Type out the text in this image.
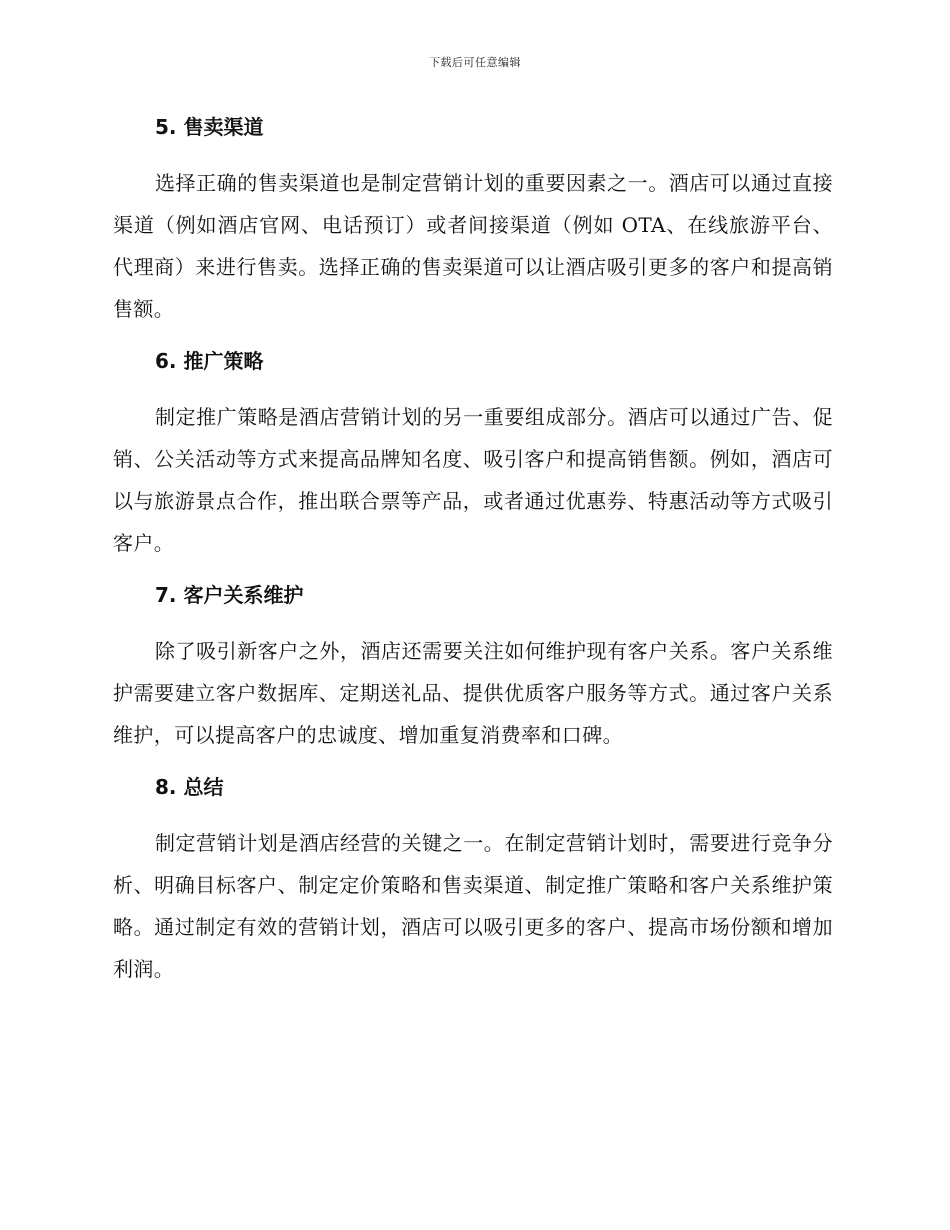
下载后可任意编辑
5. 售卖渠道

选择正确的售卖渠道也是制定营销计划的重要因素之一。酒店可以通过直接渠道（例如酒店官网、电话预订）或者间接渠道（例如 OTA、在线旅游平台、代理商）来进行售卖。选择正确的售卖渠道可以让酒店吸引更多的客户和提高销售额。

6. 推广策略

制定推广策略是酒店营销计划的另一重要组成部分。酒店可以通过广告、促销、公关活动等方式来提高品牌知名度、吸引客户和提高销售额。例如，酒店可以与旅游景点合作，推出联合票等产品，或者通过优惠券、特惠活动等方式吸引客户。

7. 客户关系维护

除了吸引新客户之外，酒店还需要关注如何维护现有客户关系。客户关系维护需要建立客户数据库、定期送礼品、提供优质客户服务等方式。通过客户关系维护，可以提高客户的忠诚度、增加重复消费率和口碑。

8. 总结

制定营销计划是酒店经营的关键之一。在制定营销计划时，需要进行竞争分析、明确目标客户、制定定价策略和售卖渠道、制定推广策略和客户关系维护策略。通过制定有效的营销计划，酒店可以吸引更多的客户、提高市场份额和增加利润。
